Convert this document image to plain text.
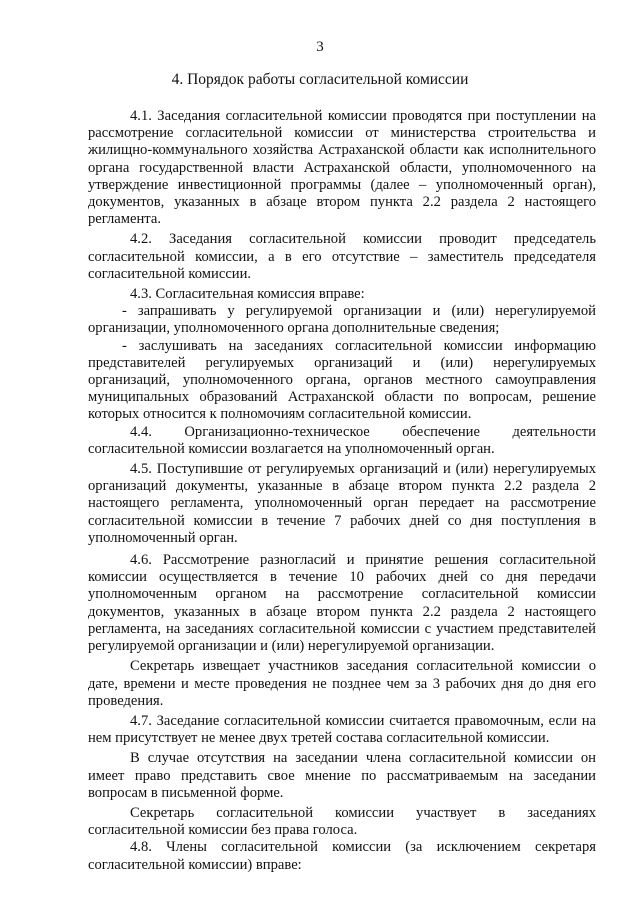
3
4. Порядок работы согласительной комиссии

4.1. Заседания согласительной комиссии проводятся при поступлении на рассмотрение согласительной комиссии от министерства строительства и жилищно-коммунального хозяйства Астраханской области как исполнительного органа государственной власти Астраханской области, уполномоченного на утверждение инвестиционной программы (далее – уполномоченный орган), документов, указанных в абзаце втором пункта 2.2 раздела 2 настоящего регламента.

4.2. Заседания согласительной комиссии проводит председатель согласительной комиссии, а в его отсутствие – заместитель председателя согласительной комиссии.

4.3. Согласительная комиссия вправе:

- запрашивать у регулируемой организации и (или) нерегулируемой организации, уполномоченного органа дополнительные сведения;

- заслушивать на заседаниях согласительной комиссии информацию представителей регулируемых организаций и (или) нерегулируемых организаций, уполномоченного органа, органов местного самоуправления муниципальных образований Астраханской области по вопросам, решение которых относится к полномочиям согласительной комиссии.

4.4. Организационно-техническое обеспечение деятельности согласительной комиссии возлагается на уполномоченный орган.

4.5. Поступившие от регулируемых организаций и (или) нерегулируемых организаций документы, указанные в абзаце втором пункта 2.2 раздела 2 настоящего регламента, уполномоченный орган передает на рассмотрение согласительной комиссии в течение 7 рабочих дней со дня поступления в уполномоченный орган.

4.6. Рассмотрение разногласий и принятие решения согласительной комиссии осуществляется в течение 10 рабочих дней со дня передачи уполномоченным органом на рассмотрение согласительной комиссии документов, указанных в абзаце втором пункта 2.2 раздела 2 настоящего регламента, на заседаниях согласительной комиссии с участием представителей регулируемой организации и (или) нерегулируемой организации.

Секретарь извещает участников заседания согласительной комиссии о дате, времени и месте проведения не позднее чем за 3 рабочих дня до дня его проведения.

4.7. Заседание согласительной комиссии считается правомочным, если на нем присутствует не менее двух третей состава согласительной комиссии.

В случае отсутствия на заседании члена согласительной комиссии он имеет право представить свое мнение по рассматриваемым на заседании вопросам в письменной форме.

Секретарь согласительной комиссии участвует в заседаниях согласительной комиссии без права голоса.

4.8. Члены согласительной комиссии (за исключением секретаря согласительной комиссии) вправе:
